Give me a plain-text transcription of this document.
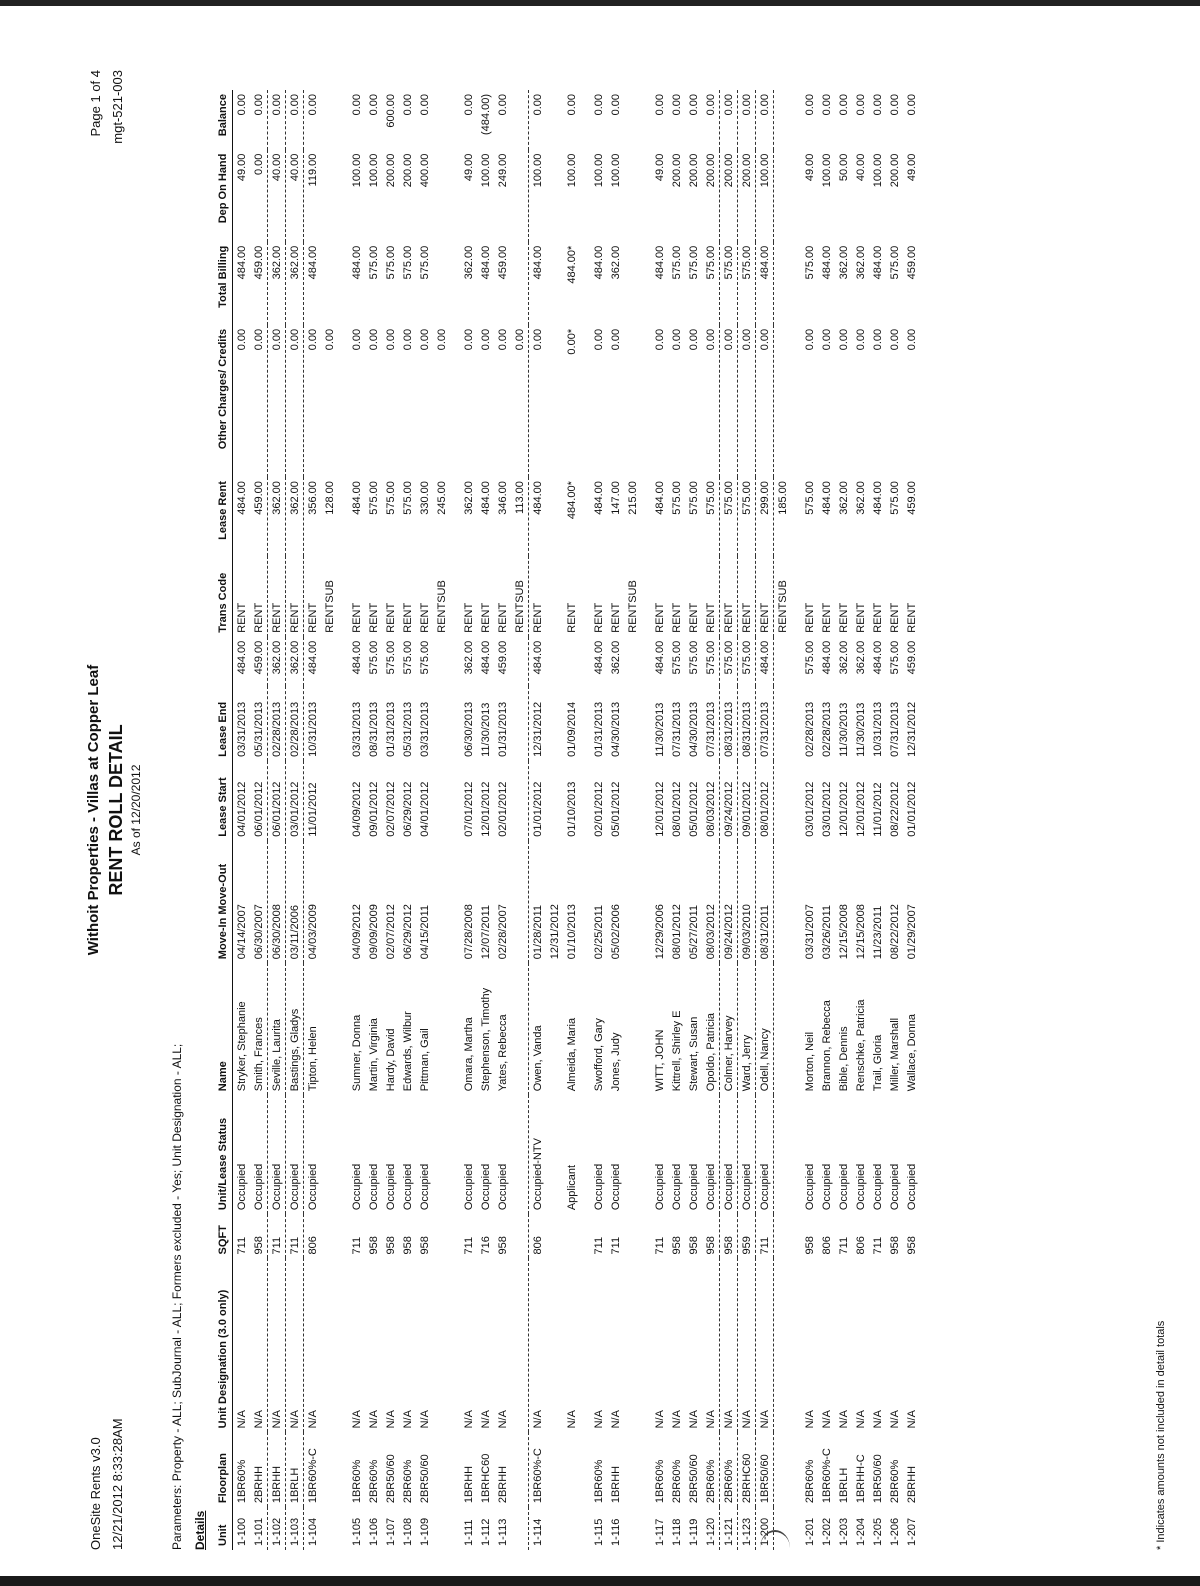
OneSite Rents v3.0 12/21/2012 8:33:28AM
Withoit Properties - Villas at Copper Leaf RENT ROLL DETAIL As of 12/20/2012
Page 1 of 4 mgt-521-003
Parameters: Property - ALL; SubJournal - ALL; Formers excluded - Yes; Unit Designation - ALL; Details Unit	Floorplan	Unit Designation (3.0 only)	SQFT	Unit/Lease Status	Name	Move-In Move-Out	Lease Start	Lease End		Trans Code	Lease Rent	Other Charges/ Credits	Total Billing	Dep On Hand	Balance
1-100	1BR60%	N/A	711	Occupied	Stryker, Stephanie	04/14/2007	04/01/2012	03/31/2013	484.00	RENT	484.00	0.00	484.00	49.00	0.00
1-101	2BRHH	N/A	958	Occupied	Smith, Frances	06/30/2007	06/01/2012	05/31/2013	459.00	RENT	459.00	0.00	459.00	0.00	0.00
1-102	1BRHH	N/A	711	Occupied	Seville, Laurita	06/30/2008	06/01/2012	02/28/2013	362.00	RENT	362.00	0.00	362.00	40.00	0.00
1-103	1BRLH	N/A	711	Occupied	Bastings, Gladys	03/11/2006	03/01/2012	02/28/2013	362.00	RENT	362.00	0.00	362.00	40.00	0.00
1-104	1BR60%-C	N/A	806	Occupied	Tipton, Helen	04/03/2009	11/01/2012	10/31/2013	484.00	RENT	356.00	0.00	484.00	119.00	0.00
										RENTSUB	128.00	0.00			

1-105	1BR60%	N/A	711	Occupied	Sumner, Donna	04/09/2012	04/09/2012	03/31/2013	484.00	RENT	484.00	0.00	484.00	100.00	0.00
1-106	2BR60%	N/A	958	Occupied	Martin, Virginia	09/09/2009	09/01/2012	08/31/2013	575.00	RENT	575.00	0.00	575.00	100.00	0.00
1-107	2BR50/60	N/A	958	Occupied	Hardy, David	02/07/2012	02/07/2012	01/31/2013	575.00	RENT	575.00	0.00	575.00	200.00	600.00
1-108	2BR60%	N/A	958	Occupied	Edwards, Wilbur	06/29/2012	06/29/2012	05/31/2013	575.00	RENT	575.00	0.00	575.00	200.00	0.00
1-109	2BR50/60	N/A	958	Occupied	Pittman, Gail	04/15/2011	04/01/2012	03/31/2013	575.00	RENT	330.00	0.00	575.00	400.00	0.00
										RENTSUB	245.00	0.00			

1-111	1BRHH	N/A	711	Occupied	Omara, Martha	07/28/2008	07/01/2012	06/30/2013	362.00	RENT	362.00	0.00	362.00	49.00	0.00
1-112	1BRHC60	N/A	716	Occupied	Stephenson, Timothy	12/07/2011	12/01/2012	11/30/2013	484.00	RENT	484.00	0.00	484.00	100.00	(484.00)
1-113	2BRHH	N/A	958	Occupied	Yates, Rebecca	02/28/2007	02/01/2012	01/31/2013	459.00	RENT	346.00	0.00	459.00	249.00	0.00
										RENTSUB	113.00	0.00			
1-114	1BR60%-C	N/A	806	Occupied-NTV	Owen, Vanda	01/28/2011	01/01/2012	12/31/2012	484.00	RENT	484.00	0.00	484.00	100.00	0.00
						12/31/2012									
		N/A		Applicant	Almeida, Maria	01/10/2013	01/10/2013	01/09/2014		RENT	484.00*	0.00*	484.00*	100.00	0.00

1-115	1BR60%	N/A	711	Occupied	Swofford, Gary	02/25/2011	02/01/2012	01/31/2013	484.00	RENT	484.00	0.00	484.00	100.00	0.00
1-116	1BRHH	N/A	711	Occupied	Jones, Judy	05/02/2006	05/01/2012	04/30/2013	362.00	RENT	147.00	0.00	362.00	100.00	0.00
										RENTSUB	215.00				

1-117	1BR60%	N/A	711	Occupied	WITT, JOHN	12/29/2006	12/01/2012	11/30/2013	484.00	RENT	484.00	0.00	484.00	49.00	0.00
1-118	2BR60%	N/A	958	Occupied	Kittrell, Shirley E	08/01/2012	08/01/2012	07/31/2013	575.00	RENT	575.00	0.00	575.00	200.00	0.00
1-119	2BR50/60	N/A	958	Occupied	Stewart, Susan	05/27/2011	05/01/2012	04/30/2013	575.00	RENT	575.00	0.00	575.00	200.00	0.00
1-120	2BR60%	N/A	958	Occupied	Opoldo, Patricia	08/03/2012	08/03/2012	07/31/2013	575.00	RENT	575.00	0.00	575.00	200.00	0.00
1-121	2BR60%	N/A	958	Occupied	Colmer, Harvey	09/24/2012	09/24/2012	08/31/2013	575.00	RENT	575.00	0.00	575.00	200.00	0.00
1-123	2BRHC60	N/A	959	Occupied	Ward, Jerry	09/03/2010	09/01/2012	08/31/2013	575.00	RENT	575.00	0.00	575.00	200.00	0.00
1-200	1BR50/60	N/A	711	Occupied	Odell, Nancy	08/31/2011	08/01/2012	07/31/2013	484.00	RENT	299.00	0.00	484.00	100.00	0.00
										RENTSUB	185.00				

1-201	2BR60%	N/A	958	Occupied	Morton, Neil	03/31/2007	03/01/2012	02/28/2013	575.00	RENT	575.00	0.00	575.00	49.00	0.00
1-202	1BR60%-C	N/A	806	Occupied	Brannon, Rebecca	03/26/2011	03/01/2012	02/28/2013	484.00	RENT	484.00	0.00	484.00	100.00	0.00
1-203	1BRLH	N/A	711	Occupied	Bible, Dennis	12/15/2008	12/01/2012	11/30/2013	362.00	RENT	362.00	0.00	362.00	50.00	0.00
1-204	1BRHH-C	N/A	806	Occupied	Renschke, Patricia	12/15/2008	12/01/2012	11/30/2013	362.00	RENT	362.00	0.00	362.00	40.00	0.00
1-205	1BR50/60	N/A	711	Occupied	Trail, Gloria	11/23/2011	11/01/2012	10/31/2013	484.00	RENT	484.00	0.00	484.00	100.00	0.00
1-206	2BR60%	N/A	958	Occupied	Miller, Marshall	08/22/2012	08/22/2012	07/31/2013	575.00	RENT	575.00	0.00	575.00	200.00	0.00
1-207	2BRHH	N/A	958	Occupied	Wallace, Donna	01/29/2007	01/01/2012	12/31/2012	459.00	RENT	459.00	0.00	459.00	49.00	0.00
* Indicates amounts not included in detail totals
